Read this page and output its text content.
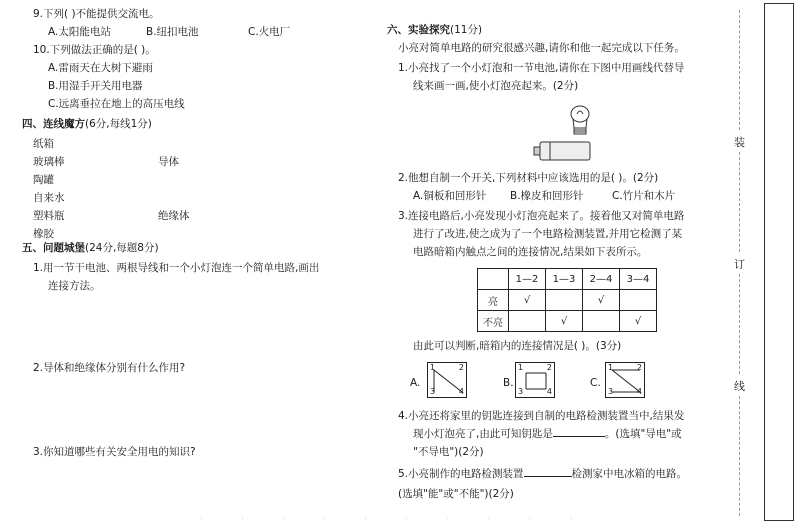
9.下列( )不能提供交流电。
A.太阳能电站	B.纽扣电池	C.火电厂
10.下列做法正确的是( )。
A.雷雨天在大树下避雨
B.用湿手开关用电器
C.远离垂拉在地上的高压电线
四、连线魔方(6分,每线1分)
纸箱
玻璃棒
陶罐
自来水
塑料瓶
橡胶
导体
绝缘体
五、问题城堡(24分,每题8分)
1.用一节干电池、两根导线和一个小灯泡连一个简单电路,画出
连接方法。
2.导体和绝缘体分别有什么作用?
3.你知道哪些有关安全用电的知识?
六、实验探究(11分)
小亮对简单电路的研究很感兴趣,请你和他一起完成以下任务。
1.小亮找了一个小灯泡和一节电池,请你在下图中用画线代替导
线来画一画,使小灯泡亮起来。(2分)
2.他想自制一个开关,下列材料中应该选用的是( )。(2分)
A.铜板和回形针 B.橡皮和回形针	C.竹片和木片
3.连接电路后,小亮发现小灯泡亮起来了。接着他又对简单电路
进行了改进,使之成为了一个电路检测装置,并用它检测了某
电路暗箱内触点之间的连接情况,结果如下表所示。
	1—2	1—3	2—4	3—4
亮	√		√	
不亮		√		√
由此可以判断,暗箱内的连接情况是( )。(3分)
A.
1	2
3	4
B.
1	2
3	4
C.
1	2
3	4
4.小亮还将家里的钥匙连接到自制的电路检测装置当中,结果发
现小灯泡亮了,由此可知钥匙是	。(选填"导电"或
"不导电")(2分)
5.小亮制作的电路检测装置	检测家中电冰箱的电路。
(选填"能"或"不能")(2分)
装
订
线
· · · · · · · · · ·
